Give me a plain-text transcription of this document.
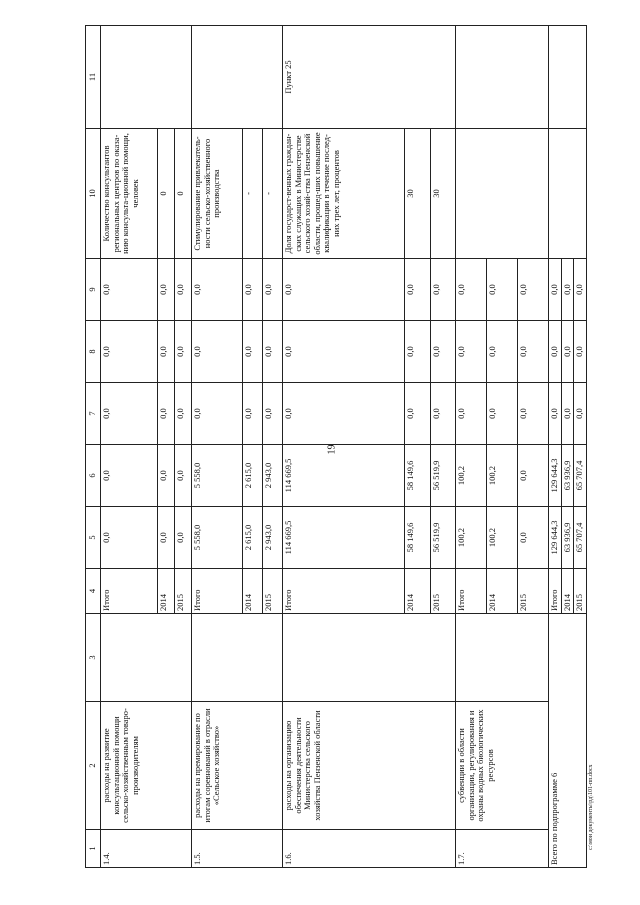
19
c:\мои документы\рд\101-пп.docx
1	2	3	4	5	6	7	8	9	10	11
1.4.	расходы на развитие консультационной помощи сельско-хозяйственным товаро-производителям		Итого	0,0	0,0	0,0	0,0	0,0	Количество консультантов региональных центров по оказа-нию консульта-ционной помощи, человек	
			2014	0,0	0,0	0,0	0,0	0,0	0	
			2015	0,0	0,0	0,0	0,0	0,0	0	
1.5.	расходы на премирование по итогам соревнований в отрасли «Сельское хозяйство»		Итого	5 558,0	5 558,0	0,0	0,0	0,0	Стимулирование привлекатель-ности сельско-хозяйственного производства	
			2014	2 615,0	2 615,0	0,0	0,0	0,0	-	
			2015	2 943,0	2 943,0	0,0	0,0	0,0	-	
1.6.	расходы на организацию обеспечения деятельности Министерства сельского хозяйства Пензенской области		Итого	114 669,5	114 669,5	0,0	0,0	0,0	Доля государст-венных граждан-ских служащих в Министерстве сельского хозяй-ства Пензенской области, прошед-ших повышение квалификации в течение послед-них трех лет, процентов	Пункт 25
			2014	58 149,6	58 149,6	0,0	0,0	0,0	30	
			2015	56 519,9	56 519,9	0,0	0,0	0,0	30	
1.7.	субвенции в области организации, регулирования и охраны водных биологических ресурсов		Итого	100,2	100,2	0,0	0,0	0,0		
			2014	100,2	100,2	0,0	0,0	0,0		
			2015	0,0	0,0	0,0	0,0	0,0		
Всего по подпрограмме 6			Итого	129 644,3	129 644,3	0,0	0,0	0,0		
			2014	63 936,9	63 936,9	0,0	0,0	0,0		
			2015	65 707,4	65 707,4	0,0	0,0	0,0		
